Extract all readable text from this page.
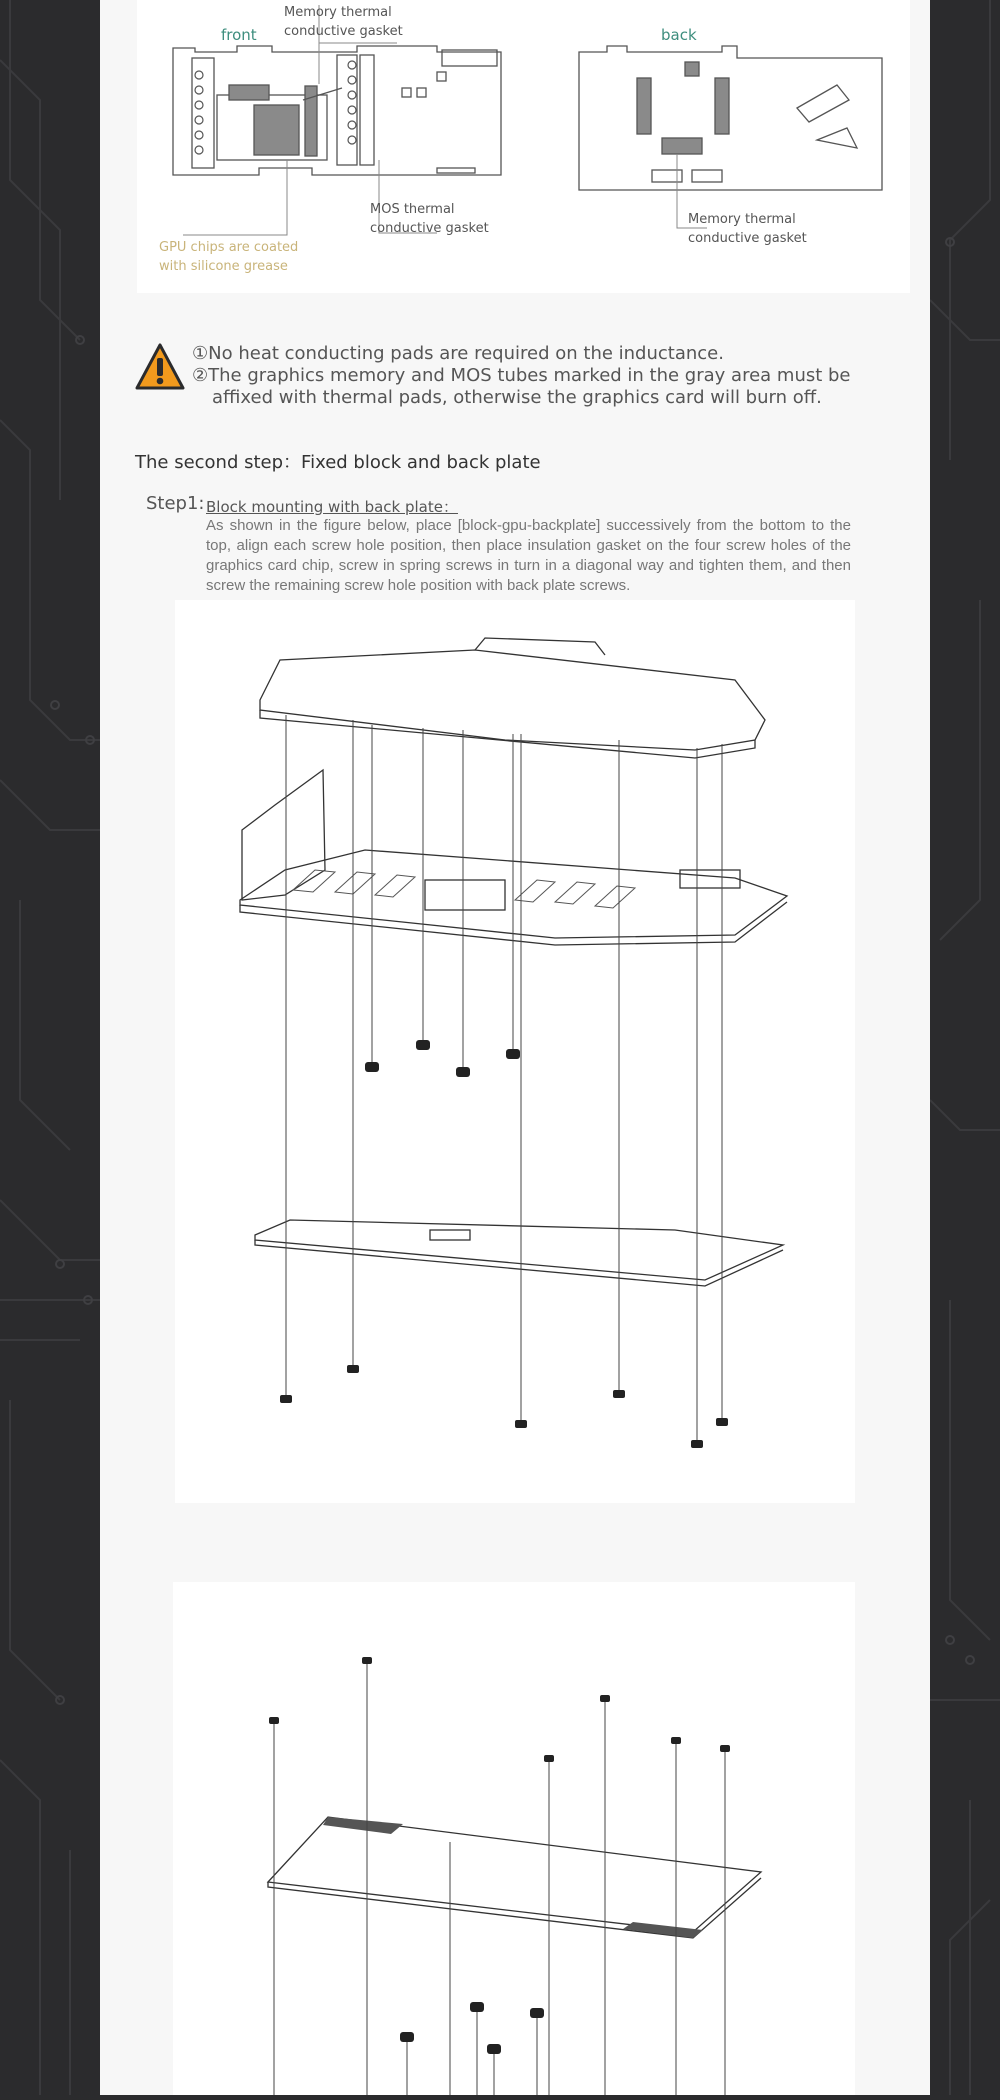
front	back
Memory thermal
conductive gasket
MOS thermal
conductive gasket
GPU chips are coated
with silicone grease
Memory thermal
conductive gasket
①No heat conducting pads are required on the inductance.
②The graphics memory and MOS tubes marked in the gray area must be
affixed with thermal pads, otherwise the graphics card will burn off.
The second step：Fixed block and back plate
Step1: Block mounting with back plate：
As shown in the figure below, place [block-gpu-backplate] successively from the bottom to the top, align each screw hole position, then place insulation gasket on the four screw holes of the graphics card chip, screw in spring screws in turn in a diagonal way and tighten them, and then screw the remaining screw hole position with back plate screws.
